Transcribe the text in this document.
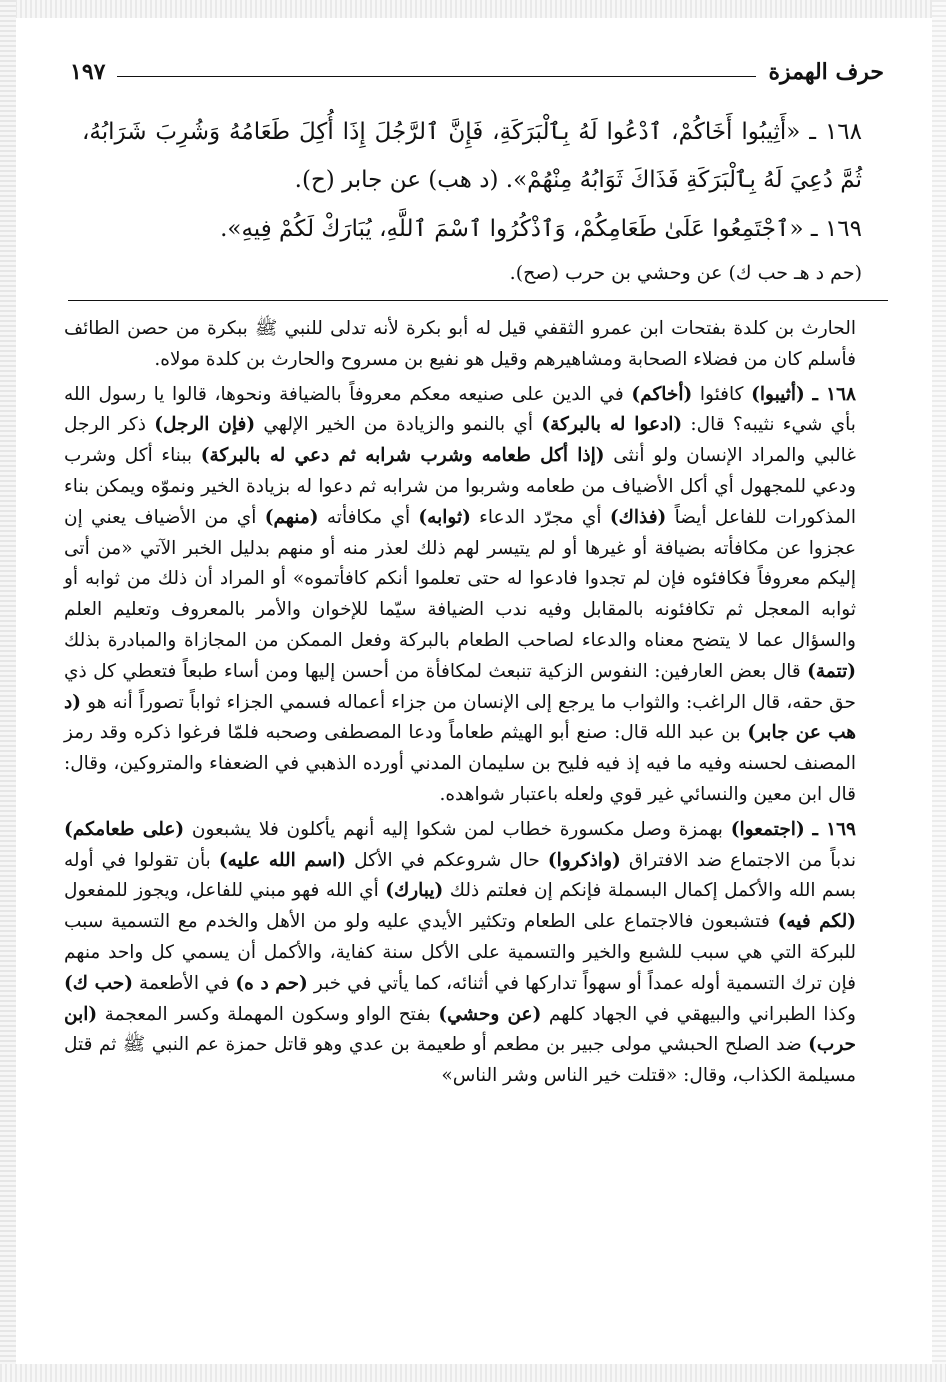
حرف الهمزة
١٩٧

١٦٨ ـ «أَثِيبُوا أَخَاكُمْ، ٱدْعُوا لَهُ بِٱلْبَرَكَةِ، فَإِنَّ ٱلرَّجُلَ إِذَا أُكِلَ طَعَامُهُ وَشُرِبَ شَرَابُهُ، ثُمَّ دُعِيَ لَهُ بِٱلْبَرَكَةِ فَذَاكَ ثَوَابُهُ مِنْهُمْ». (د هب) عن جابر (ح).

١٦٩ ـ «ٱجْتَمِعُوا عَلَىٰ طَعَامِكُمْ، وَٱذْكُرُوا ٱسْمَ ٱللَّهِ، يُبَارَكْ لَكُمْ فِيهِ».

(حم د هـ حب ك) عن وحشي بن حرب (صح).

الحارث بن كلدة بفتحات ابن عمرو الثقفي قيل له أبو بكرة لأنه تدلى للنبي ﷺ ببكرة من حصن الطائف فأسلم كان من فضلاء الصحابة ومشاهيرهم وقيل هو نفيع بن مسروح والحارث بن كلدة مولاه.

١٦٨ ـ (أثيبوا) كافئوا (أخاكم) في الدين على صنيعه معكم معروفاً بالضيافة ونحوها، قالوا يا رسول الله بأي شيء نثيبه؟ قال: (ادعوا له بالبركة) أي بالنمو والزيادة من الخير الإلهي (فإن الرجل) ذكر الرجل غالبي والمراد الإنسان ولو أنثى (إذا أكل طعامه وشرب شرابه ثم دعي له بالبركة) ببناء أكل وشرب ودعي للمجهول أي أكل الأضياف من طعامه وشربوا من شرابه ثم دعوا له بزيادة الخير ونموّه ويمكن بناء المذكورات للفاعل أيضاً (فذاك) أي مجرّد الدعاء (ثوابه) أي مكافأته (منهم) أي من الأضياف يعني إن عجزوا عن مكافأته بضيافة أو غيرها أو لم يتيسر لهم ذلك لعذر منه أو منهم بدليل الخبر الآتي «من أتى إليكم معروفاً فكافئوه فإن لم تجدوا فادعوا له حتى تعلموا أنكم كافأتموه» أو المراد أن ذلك من ثوابه أو ثوابه المعجل ثم تكافئونه بالمقابل وفيه ندب الضيافة سيّما للإخوان والأمر بالمعروف وتعليم العلم والسؤال عما لا يتضح معناه والدعاء لصاحب الطعام بالبركة وفعل الممكن من المجازاة والمبادرة بذلك (تتمة) قال بعض العارفين: النفوس الزكية تنبعث لمكافأة من أحسن إليها ومن أساء طبعاً فتعطي كل ذي حق حقه، قال الراغب: والثواب ما يرجع إلى الإنسان من جزاء أعماله فسمي الجزاء ثواباً تصوراً أنه هو (د هب عن جابر) بن عبد الله قال: صنع أبو الهيثم طعاماً ودعا المصطفى وصحبه فلمّا فرغوا ذكره وقد رمز المصنف لحسنه وفيه ما فيه إذ فيه فليح بن سليمان المدني أورده الذهبي في الضعفاء والمتروكين، وقال: قال ابن معين والنسائي غير قوي ولعله باعتبار شواهده.

١٦٩ ـ (اجتمعوا) بهمزة وصل مكسورة خطاب لمن شكوا إليه أنهم يأكلون فلا يشبعون (على طعامكم) ندباً من الاجتماع ضد الافتراق (واذكروا) حال شروعكم في الأكل (اسم الله عليه) بأن تقولوا في أوله بسم الله والأكمل إكمال البسملة فإنكم إن فعلتم ذلك (يبارك) أي الله فهو مبني للفاعل، ويجوز للمفعول (لكم فيه) فتشبعون فالاجتماع على الطعام وتكثير الأيدي عليه ولو من الأهل والخدم مع التسمية سبب للبركة التي هي سبب للشبع والخير والتسمية على الأكل سنة كفاية، والأكمل أن يسمي كل واحد منهم فإن ترك التسمية أوله عمداً أو سهواً تداركها في أثنائه، كما يأتي في خبر (حم د ه) في الأطعمة (حب ك) وكذا الطبراني والبيهقي في الجهاد كلهم (عن وحشي) بفتح الواو وسكون المهملة وكسر المعجمة (ابن حرب) ضد الصلح الحبشي مولى جبير بن مطعم أو طعيمة بن عدي وهو قاتل حمزة عم النبي ﷺ ثم قتل مسيلمة الكذاب، وقال: «قتلت خير الناس وشر الناس»
